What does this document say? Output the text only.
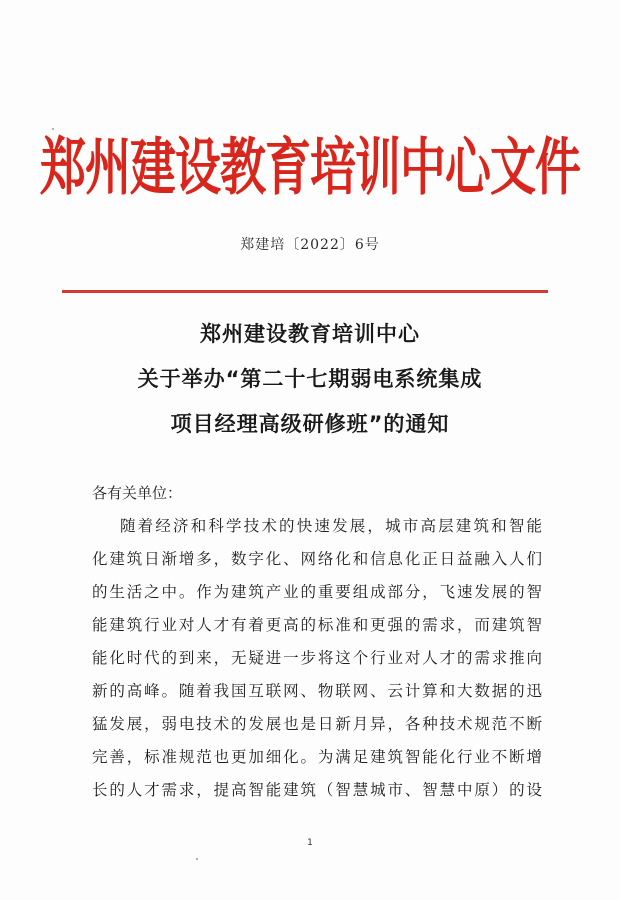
郑州建设教育培训中心文件
郑建培〔2022〕6号
郑州建设教育培训中心
关于举办“第二十七期弱电系统集成
项目经理高级研修班”的通知
各有关单位：
随着经济和科学技术的快速发展，城市高层建筑和智能
化建筑日渐增多，数字化、网络化和信息化正日益融入人们
的生活之中。作为建筑产业的重要组成部分，飞速发展的智
能建筑行业对人才有着更高的标准和更强的需求，而建筑智
能化时代的到来，无疑进一步将这个行业对人才的需求推向
新的高峰。随着我国互联网、物联网、云计算和大数据的迅
猛发展，弱电技术的发展也是日新月异，各种技术规范不断
完善，标准规范也更加细化。为满足建筑智能化行业不断增
长的人才需求，提高智能建筑（智慧城市、智慧中原）的设
1
